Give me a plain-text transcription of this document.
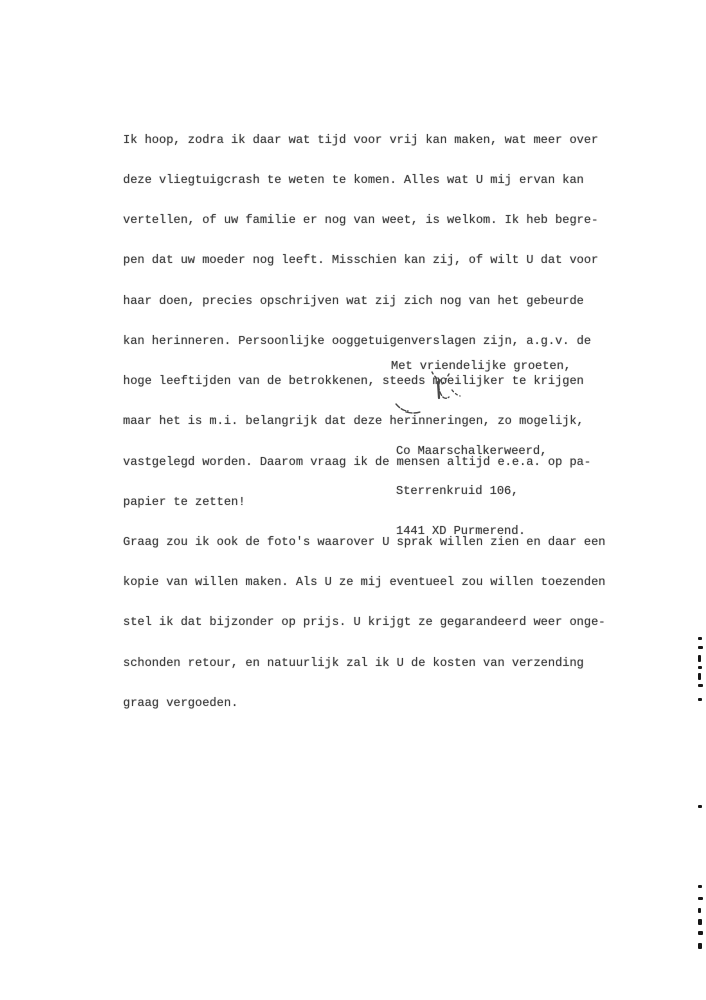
Ik hoop, zodra ik daar wat tijd voor vrij kan maken, wat meer over

deze vliegtuigcrash te weten te komen. Alles wat U mij ervan kan

vertellen, of uw familie er nog van weet, is welkom. Ik heb begre-

pen dat uw moeder nog leeft. Misschien kan zij, of wilt U dat voor

haar doen, precies opschrijven wat zij zich nog van het gebeurde

kan herinneren. Persoonlijke ooggetuigenverslagen zijn, a.g.v. de

hoge leeftijden van de betrokkenen, steeds moeilijker te krijgen

maar het is m.i. belangrijk dat deze herinneringen, zo mogelijk,

vastgelegd worden. Daarom vraag ik de mensen altijd e.e.a. op pa-

papier te zetten!

Graag zou ik ook de foto's waarover U sprak willen zien en daar een

kopie van willen maken. Als U ze mij eventueel zou willen toezenden

stel ik dat bijzonder op prijs. U krijgt ze gegarandeerd weer onge-

schonden retour, en natuurlijk zal ik U de kosten van verzending

graag vergoeden.

Met vriendelijke groeten,

Co Maarschalkerweerd,

Sterrenkruid 106,

1441 XD Purmerend.
